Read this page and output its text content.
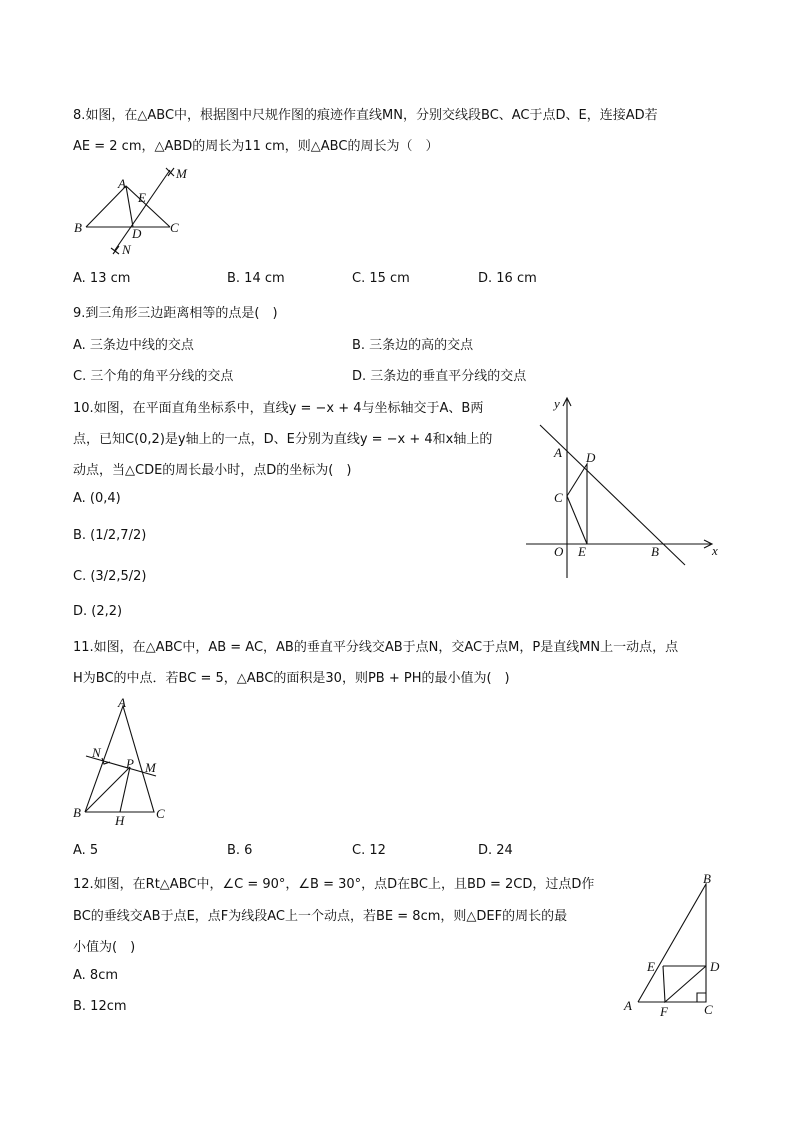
8.如图，在△ABC中，根据图中尺规作图的痕迹作直线MN，分别交线段BC、AC于点D、E，连接AD若
AE = 2 cm，△ABD的周长为11 cm，则△ABC的周长为（　）
A
B	C
D
E
M
N
A. 13 cm	B. 14 cm	C. 15 cm	D. 16 cm
9.到三角形三边距离相等的点是(　)
A. 三条边中线的交点	B. 三条边的高的交点
C. 三个角的角平分线的交点	D. 三条边的垂直平分线的交点
10.如图，在平面直角坐标系中，直线y = −x + 4与坐标轴交于A、B两
点，已知C(0,2)是y轴上的一点，D、E分别为直线y = −x + 4和x轴上的
动点，当△CDE的周长最小时，点D的坐标为(　)
A. (0,4)
B. (1/2,7/2)
C. (3/2,5/2)
D. (2,2)
y
x
A D
C
O E	B
11.如图，在△ABC中，AB = AC，AB的垂直平分线交AB于点N，交AC于点M，P是直线MN上一动点，点
H为BC的中点．若BC = 5，△ABC的面积是30，则PB + PH的最小值为(　)
A
N
P M
B
H C
A. 5	B. 6	C. 12	D. 24
12.如图，在Rt△ABC中，∠C = 90°，∠B = 30°，点D在BC上，且BD = 2CD，过点D作
BC的垂线交AB于点E，点F为线段AC上一个动点，若BE = 8cm，则△DEF的周长的最
小值为(　)
A. 8cm
B. 12cm
B
E	D
A F	C
